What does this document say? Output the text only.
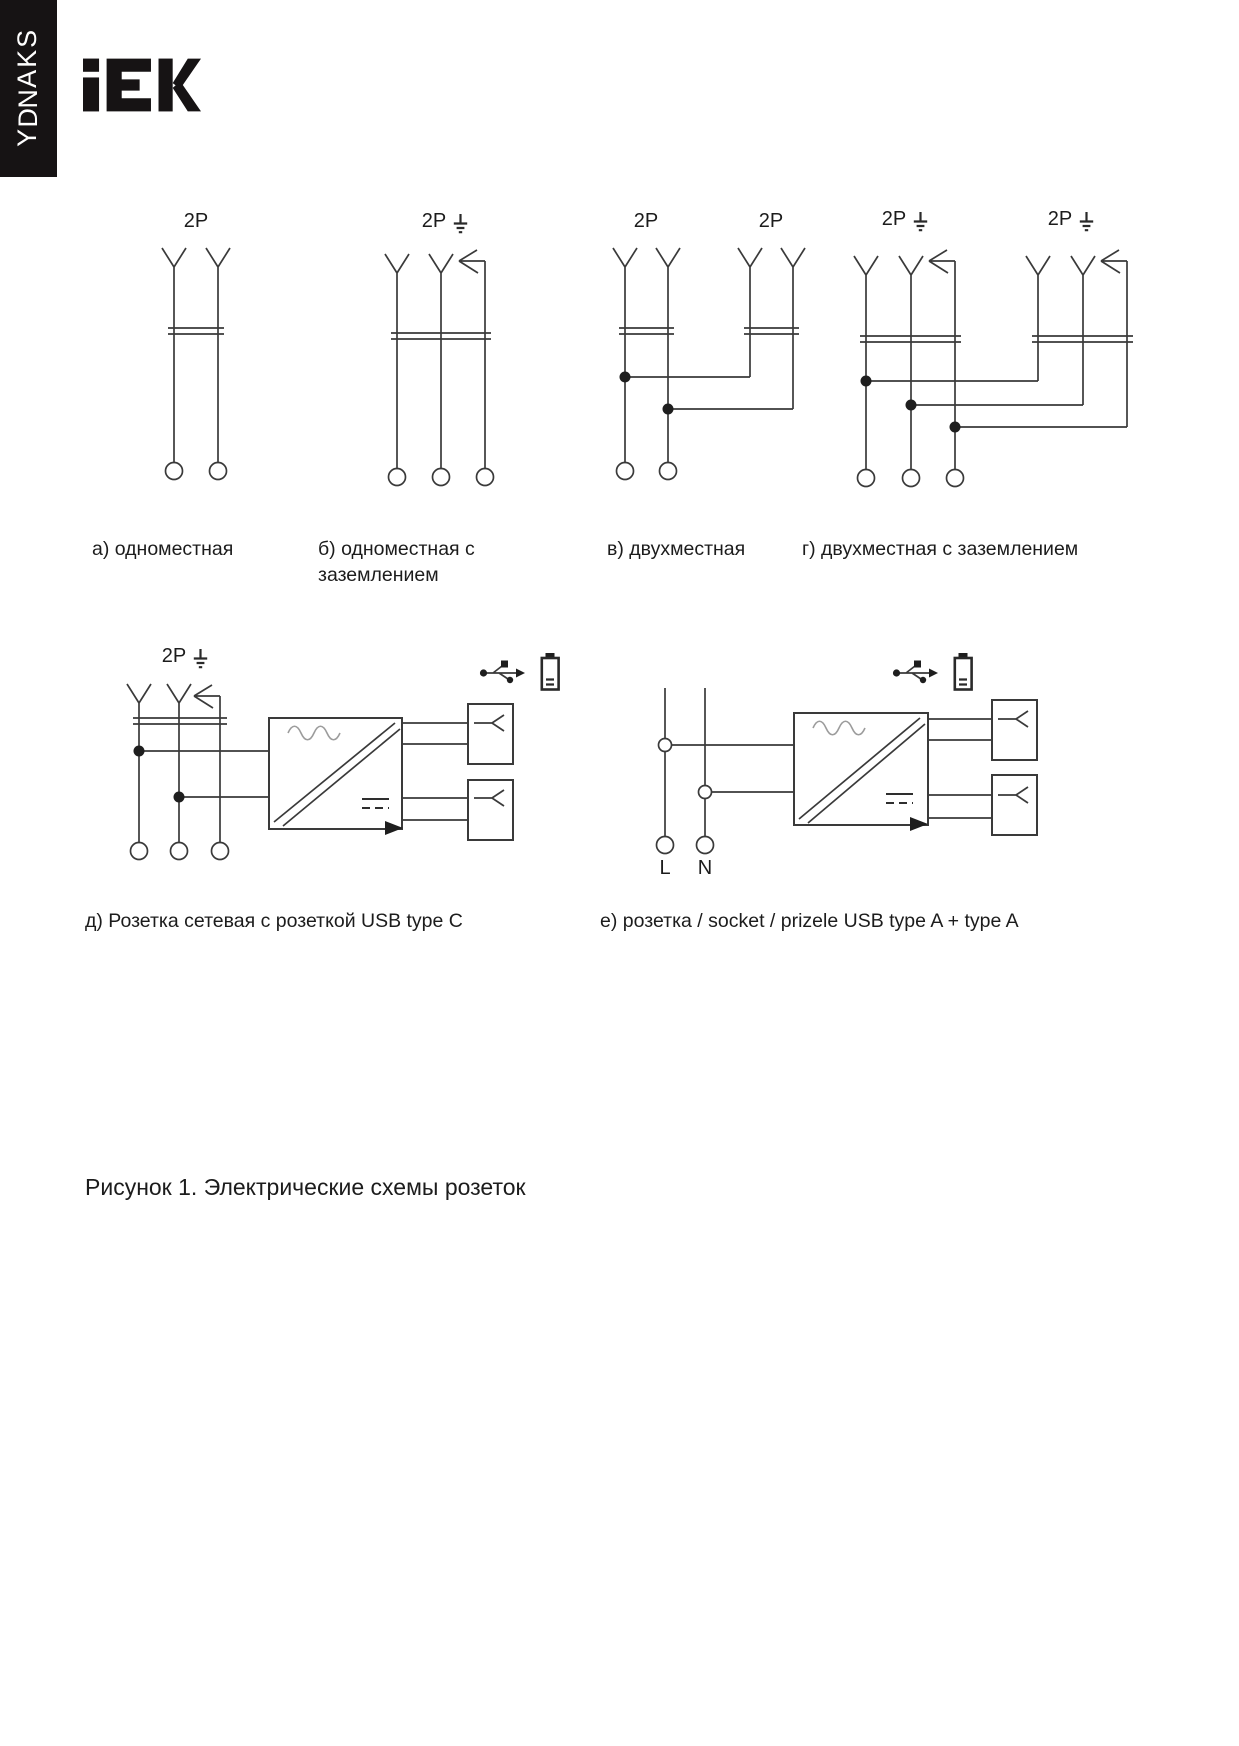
S
K
A
N
D
Y
2P	2P	2P	2P	2P	2P
2P
L	N
а) одноместная	б) одноместная с заземлением
в) двухместная	г) двухместная с заземлением
д) Розетка сетевая с розеткой USB type C	е) розетка / socket / prizele USB type A + type A
Рисунок 1. Электрические схемы розеток
